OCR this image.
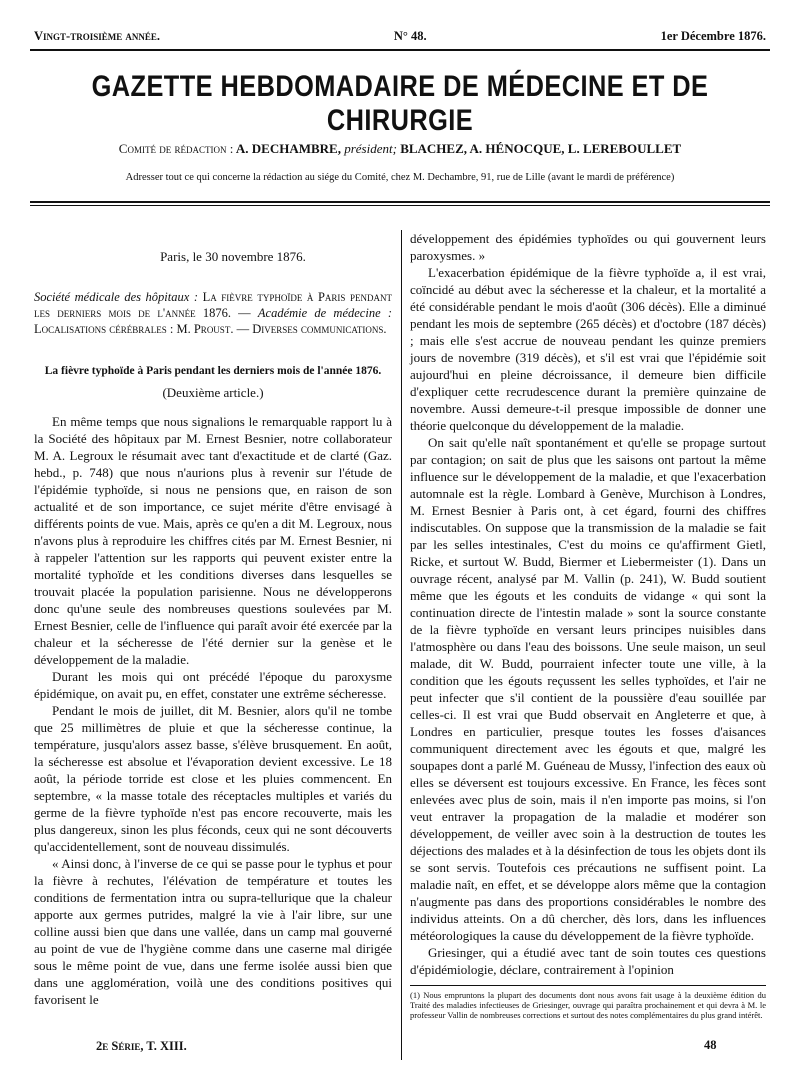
Vingt-troisième année.	N° 48.	1er Décembre 1876.
GAZETTE HEBDOMADAIRE DE MÉDECINE ET DE CHIRURGIE
Comité de rédaction : A. DECHAMBRE, président; BLACHEZ, A. HÉNOCQUE, L. LEREBOULLET
Adresser tout ce qui concerne la rédaction au siége du Comité, chez M. Dechambre, 91, rue de Lille (avant le mardi de préférence)

Paris, le 30 novembre 1876.

Société médicale des hôpitaux : La fièvre typhoïde à Paris pendant les derniers mois de l'année 1876. — Académie de médecine : Localisations cérébrales : M. Proust. — Diverses communications.

La fièvre typhoïde à Paris pendant les derniers mois de l'année 1876.

(Deuxième article.)

En même temps que nous signalions le remarquable rapport lu à la Société des hôpitaux par M. Ernest Besnier, notre collaborateur M. A. Legroux le résumait avec tant d'exactitude et de clarté (Gaz. hebd., p. 748) que nous n'aurions plus à revenir sur l'étude de l'épidémie typhoïde, si nous ne pensions que, en raison de son actualité et de son importance, ce sujet mérite d'être envisagé à différents points de vue. Mais, après ce qu'en a dit M. Legroux, nous n'avons plus à reproduire les chiffres cités par M. Ernest Besnier, ni à rappeler l'attention sur les rapports qui peuvent exister entre la mortalité typhoïde et les conditions diverses dans lesquelles se trouvait placée la population parisienne. Nous ne développerons donc qu'une seule des nombreuses questions soulevées par M. Ernest Besnier, celle de l'influence qui paraît avoir été exercée par la chaleur et la sécheresse de l'été dernier sur la genèse et le développement de la maladie.

Durant les mois qui ont précédé l'époque du paroxysme épidémique, on avait pu, en effet, constater une extrême sécheresse.

Pendant le mois de juillet, dit M. Besnier, alors qu'il ne tombe que 25 millimètres de pluie et que la sécheresse continue, la température, jusqu'alors assez basse, s'élève brusquement. En août, la sécheresse est absolue et l'évaporation devient excessive. Le 18 août, la période torride est close et les pluies commencent. En septembre, « la masse totale des réceptacles multiples et variés du germe de la fièvre typhoïde n'est pas encore recouverte, mais les plus dangereux, sinon les plus féconds, ceux qui ne sont découverts qu'accidentellement, sont de nouveau dissimulés.

« Ainsi donc, à l'inverse de ce qui se passe pour le typhus et pour la fièvre à rechutes, l'élévation de température et toutes les conditions de fermentation intra ou supra-tellurique que la chaleur apporte aux germes putrides, malgré la vie à l'air libre, sur une colline aussi bien que dans une vallée, dans un camp mal gouverné au point de vue de l'hygiène comme dans une caserne mal dirigée sous le même point de vue, dans une ferme isolée aussi bien que dans une agglomération, voilà une des conditions positives qui favorisent le

2e Série, T. XIII.

développement des épidémies typhoïdes ou qui gouvernent leurs paroxysmes. »

L'exacerbation épidémique de la fièvre typhoïde a, il est vrai, coïncidé au début avec la sécheresse et la chaleur, et la mortalité a été considérable pendant le mois d'août (306 décès). Elle a diminué pendant les mois de septembre (265 décès) et d'octobre (187 décès) ; mais elle s'est accrue de nouveau pendant les quinze premiers jours de novembre (319 décès), et s'il est vrai que l'épidémie soit aujourd'hui en pleine décroissance, il demeure bien difficile d'expliquer cette recrudescence durant la première quinzaine de novembre. Aussi demeure-t-il presque impossible de donner une théorie quelconque du développement de la maladie.

On sait qu'elle naît spontanément et qu'elle se propage surtout par contagion; on sait de plus que les saisons ont partout la même influence sur le développement de la maladie, et que l'exacerbation automnale est la règle. Lombard à Genève, Murchison à Londres, M. Ernest Besnier à Paris ont, à cet égard, fourni des chiffres indiscutables. On suppose que la transmission de la maladie se fait par les selles intestinales, C'est du moins ce qu'affirment Gietl, Ricke, et surtout W. Budd, Biermer et Liebermeister (1). Dans un ouvrage récent, analysé par M. Vallin (p. 241), W. Budd soutient même que les égouts et les conduits de vidange « qui sont la continuation directe de l'intestin malade » sont la source constante de la fièvre typhoïde en versant leurs principes nuisibles dans l'atmosphère ou dans l'eau des boissons. Une seule maison, un seul malade, dit W. Budd, pourraient infecter toute une ville, à la condition que les égouts reçussent les selles typhoïdes, et l'air ne peut infecter que s'il contient de la poussière d'eau souillée par celles-ci. Il est vrai que Budd observait en Angleterre et que, à Londres en particulier, presque toutes les fosses d'aisances communiquent directement avec les égouts et que, malgré les soupapes dont a parlé M. Guéneau de Mussy, l'infection des eaux où elles se déversent est toujours excessive. En France, les fèces sont enlevées avec plus de soin, mais il n'en importe pas moins, si l'on veut entraver la propagation de la maladie et modérer son développement, de veiller avec soin à la destruction de toutes les déjections des malades et à la désinfection de tous les objets dont ils se sont servis. Toutefois ces précautions ne suffisent point. La maladie naît, en effet, et se développe alors même que la contagion n'augmente pas dans des proportions considérables le nombre des individus atteints. On a dû chercher, dès lors, dans les influences météorologiques la cause du développement de la fièvre typhoïde.

Griesinger, qui a étudié avec tant de soin toutes ces questions d'épidémiologie, déclare, contrairement à l'opinion

(1) Nous empruntons la plupart des documents dont nous avons fait usage à la deuxième édition du Traité des maladies infectieuses de Griesinger, ouvrage qui paraîtra prochainement et qui devra à M. le professeur Vallin de nombreuses corrections et surtout des notes complémentaires du plus grand intérêt.
48
